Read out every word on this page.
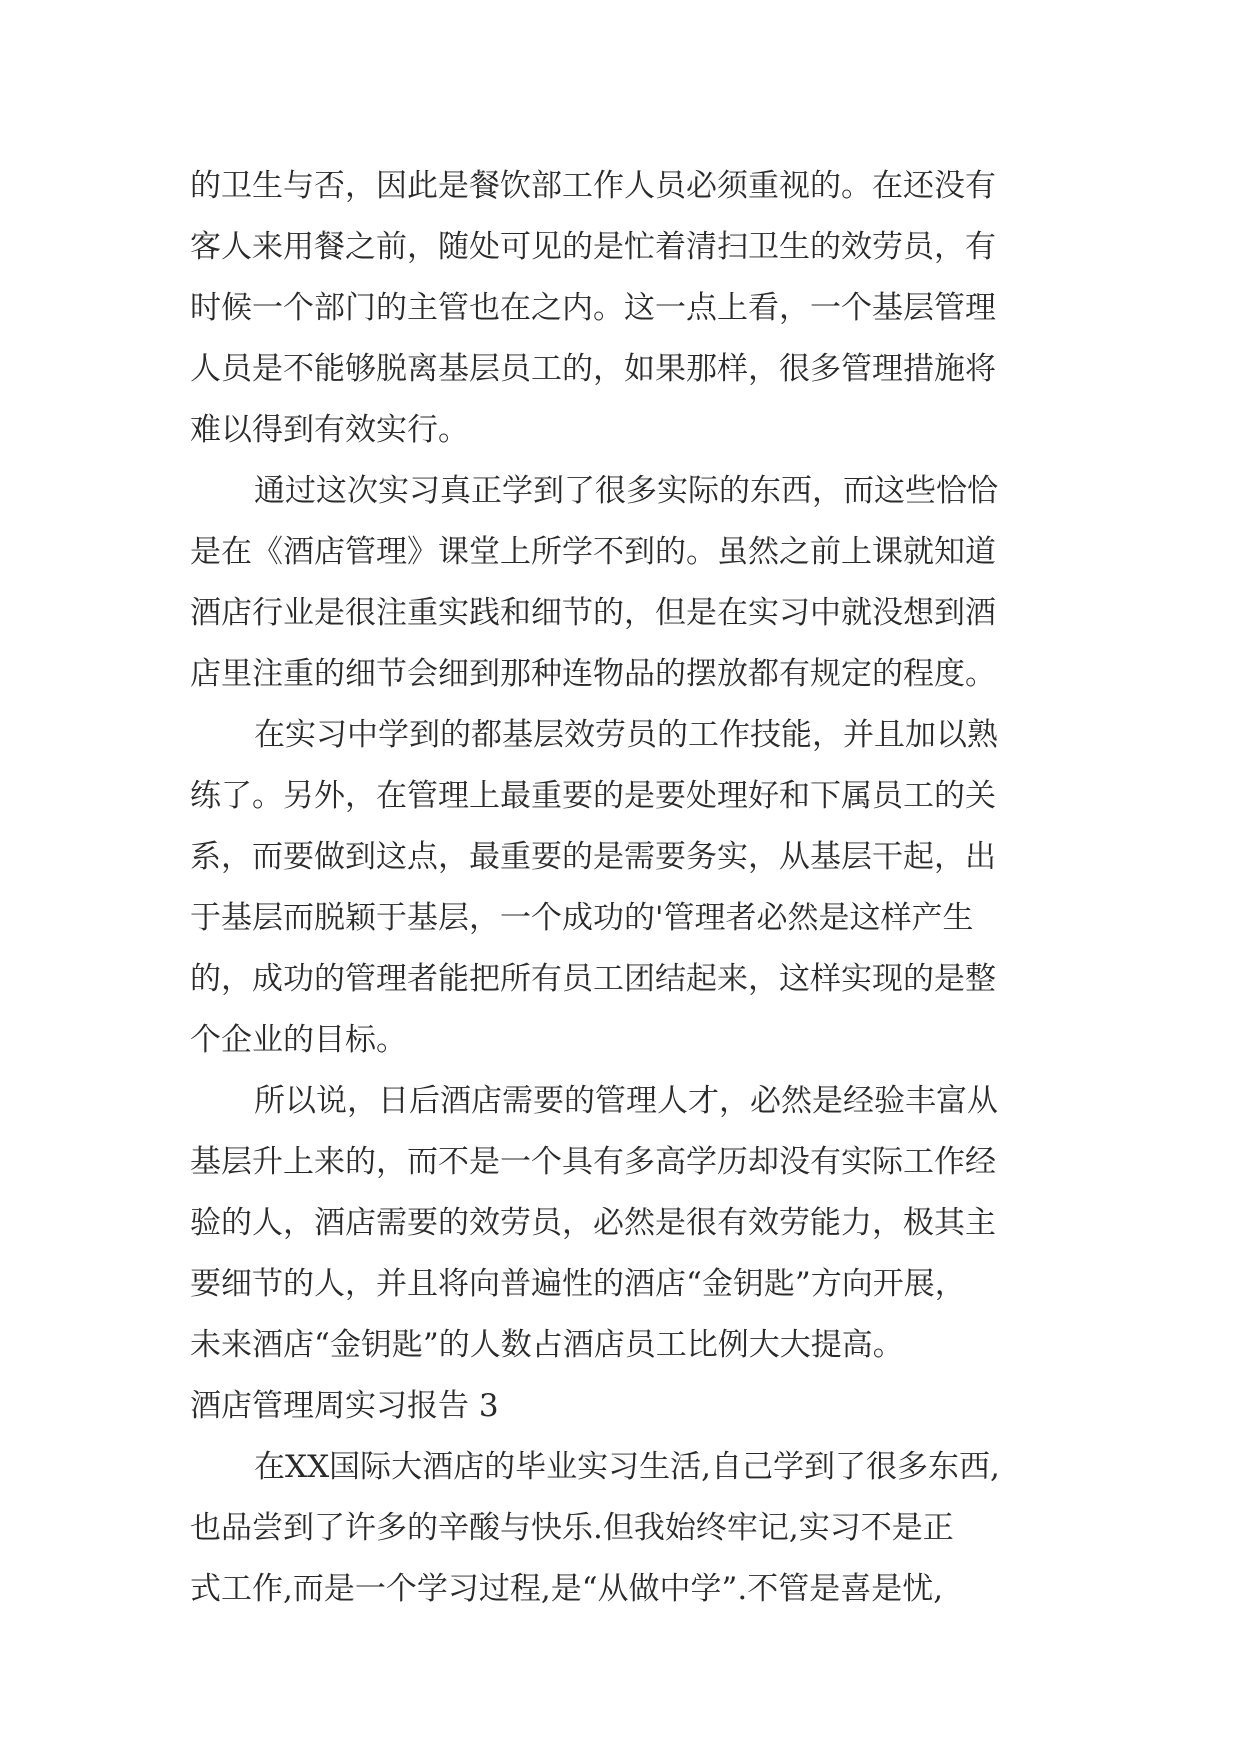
的卫生与否，因此是餐饮部工作人员必须重视的。在还没有
客人来用餐之前，随处可见的是忙着清扫卫生的效劳员，有
时候一个部门的主管也在之内。这一点上看，一个基层管理
人员是不能够脱离基层员工的，如果那样，很多管理措施将
难以得到有效实行。
通过这次实习真正学到了很多实际的东西，而这些恰恰
是在《酒店管理》课堂上所学不到的。虽然之前上课就知道
酒店行业是很注重实践和细节的，但是在实习中就没想到酒
店里注重的细节会细到那种连物品的摆放都有规定的程度。
在实习中学到的都基层效劳员的工作技能，并且加以熟
练了。另外，在管理上最重要的是要处理好和下属员工的关
系，而要做到这点，最重要的是需要务实，从基层干起，出
于基层而脱颖于基层，一个成功的'管理者必然是这样产生
的，成功的管理者能把所有员工团结起来，这样实现的是整
个企业的目标。
所以说，日后酒店需要的管理人才，必然是经验丰富从
基层升上来的，而不是一个具有多高学历却没有实际工作经
验的人，酒店需要的效劳员，必然是很有效劳能力，极其主
要细节的人，并且将向普遍性的酒店“金钥匙”方向开展，
未来酒店“金钥匙”的人数占酒店员工比例大大提高。
酒店管理周实习报告 3
在XX国际大酒店的毕业实习生活,自己学到了很多东西,
也品尝到了许多的辛酸与快乐.但我始终牢记,实习不是正
式工作,而是一个学习过程,是“从做中学”.不管是喜是忧,
